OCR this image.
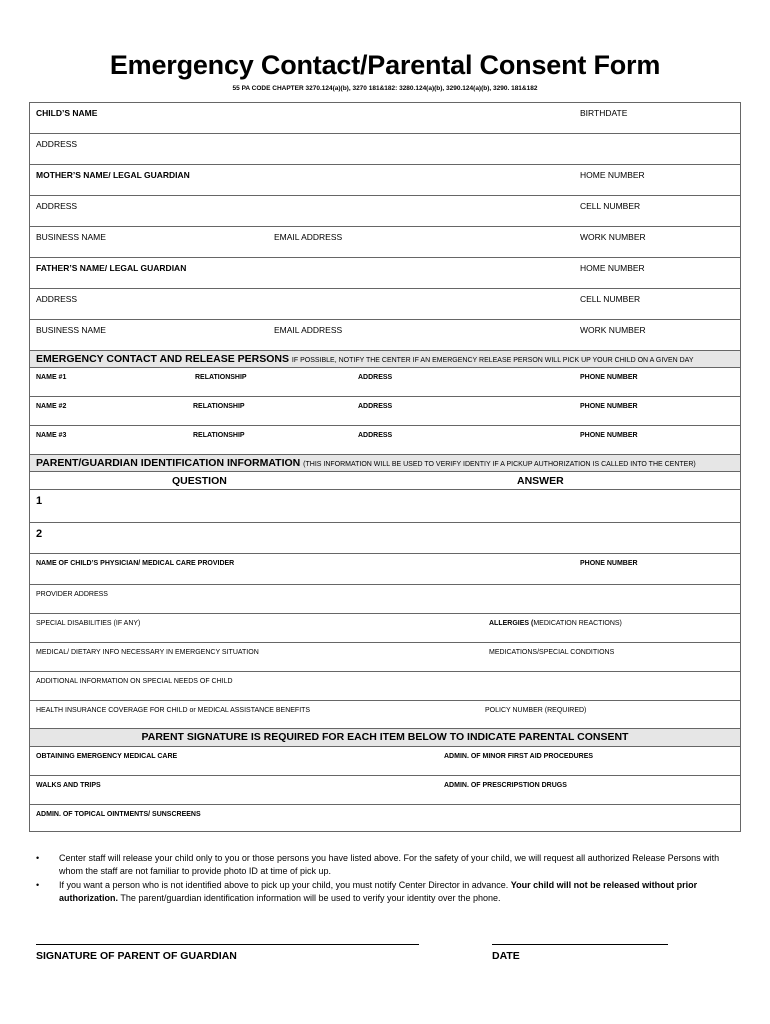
Emergency Contact/Parental Consent Form
55 PA CODE CHAPTER 3270.124(a)(b), 3270 181&182: 3280.124(a)(b), 3290.124(a)(b), 3290. 181&182
CHILD’S NAME	BIRTHDATE
ADDRESS
MOTHER’S NAME/ LEGAL GUARDIAN	HOME NUMBER
ADDRESS	CELL NUMBER
BUSINESS NAME	EMAIL ADDRESS	WORK NUMBER
FATHER’S NAME/ LEGAL GUARDIAN	HOME NUMBER
ADDRESS	CELL NUMBER
BUSINESS NAME	EMAIL ADDRESS	WORK NUMBER
EMERGENCY CONTACT AND RELEASE PERSONS IF POSSIBLE, NOTIFY THE CENTER IF AN EMERGENCY RELEASE PERSON WILL PICK UP YOUR CHILD ON A GIVEN DAY
NAME #1	RELATIONSHIP	ADDRESS	PHONE NUMBER
NAME #2	RELATIONSHIP	ADDRESS	PHONE NUMBER
NAME #3	RELATIONSHIP	ADDRESS	PHONE NUMBER
PARENT/GUARDIAN IDENTIFICATION INFORMATION (THIS INFORMATION WILL BE USED TO VERIFY IDENTIY IF A PICKUP AUTHORIZATION IS CALLED INTO THE CENTER)
QUESTION	ANSWER
1
2
NAME OF CHILD’S PHYSICIAN/ MEDICAL CARE PROVIDER	PHONE NUMBER
PROVIDER ADDRESS
SPECIAL DISABILITIES (IF ANY)	ALLERGIES (MEDICATION REACTIONS)
MEDICAL/ DIETARY INFO NECESSARY IN EMERGENCY SITUATION	MEDICATIONS/SPECIAL CONDITIONS
ADDITIONAL INFORMATION ON SPECIAL NEEDS OF CHILD
HEALTH INSURANCE COVERAGE FOR CHILD or MEDICAL ASSISTANCE BENEFITS	POLICY NUMBER (REQUIRED)
PARENT SIGNATURE IS REQUIRED FOR EACH ITEM BELOW TO INDICATE PARENTAL CONSENT
OBTAINING EMERGENCY MEDICAL CARE	ADMIN. OF MINOR FIRST AID PROCEDURES
WALKS AND TRIPS	ADMIN. OF PRESCRIPSTION DRUGS
ADMIN. OF TOPICAL OINTMENTS/ SUNSCREENS
• Center staff will release your child only to you or those persons you have listed above. For the safety of your child, we will request all authorized Release Persons with whom the staff are not familiar to provide photo ID at time of pick up.
• If you want a person who is not identified above to pick up your child, you must notify Center Director in advance. Your child will not be released without prior authorization. The parent/guardian identification information will be used to verify your identity over the phone.
SIGNATURE OF PARENT OF GUARDIAN	DATE
